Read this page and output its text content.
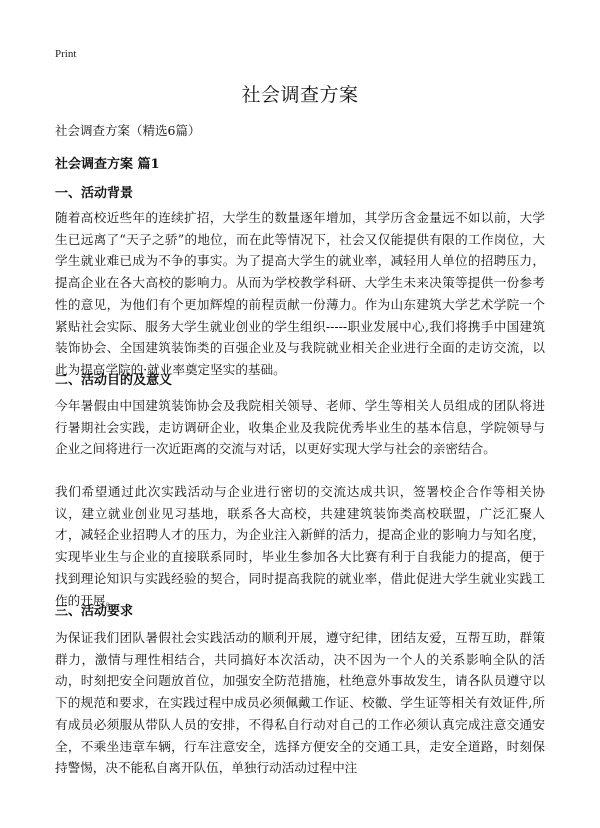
Print
社会调查方案
社会调查方案（精选6篇）
社会调查方案 篇1
一、活动背景

随着高校近些年的连续扩招，大学生的数量逐年增加，其学历含金量远不如以前，大学生已远离了“天子之骄”的地位，而在此等情况下，社会又仅能提供有限的工作岗位，大学生就业难已成为不争的事实。为了提高大学生的就业率，减轻用人单位的招聘压力，提高企业在各大高校的影响力。从而为学校教学科研、大学生未来决策等提供一份参考性的意见，为他们有个更加辉煌的前程贡献一份薄力。作为山东建筑大学艺术学院一个紧贴社会实际、服务大学生就业创业的学生组织-----职业发展中心,我们将携手中国建筑装饰协会、全国建筑装饰类的百强企业及与我院就业相关企业进行全面的走访交流，以此为提高学院的·就业率奠定坚实的基础。

二、活动目的及意义

今年暑假由中国建筑装饰协会及我院相关领导、老师、学生等相关人员组成的团队将进行暑期社会实践，走访调研企业，收集企业及我院优秀毕业生的基本信息，学院领导与企业之间将进行一次近距离的交流与对话，以更好实现大学与社会的亲密结合。

我们希望通过此次实践活动与企业进行密切的交流达成共识，签署校企合作等相关协议，建立就业创业见习基地，联系各大高校，共建建筑装饰类高校联盟，广泛汇聚人才，减轻企业招聘人才的压力，为企业注入新鲜的活力，提高企业的影响力与知名度，实现毕业生与企业的直接联系同时，毕业生参加各大比赛有利于自我能力的提高，便于找到理论知识与实践经验的契合，同时提高我院的就业率，借此促进大学生就业实践工作的开展。

三、活动要求

为保证我们团队暑假社会实践活动的顺利开展，遵守纪律，团结友爱，互帮互助，群策群力，激情与理性相结合，共同搞好本次活动，决不因为一个人的关系影响全队的活动，时刻把安全问题放首位，加强安全防范措施，杜绝意外事故发生，请各队员遵守以下的规范和要求，在实践过程中成员必须佩戴工作证、校徽、学生证等相关有效证件,所有成员必须服从带队人员的安排，不得私自行动对自己的工作必须认真完成注意交通安全，不乘坐违章车辆，行车注意安全，选择方便安全的交通工具，走安全道路，时刻保持警惕，决不能私自离开队伍，单独行动活动过程中注
